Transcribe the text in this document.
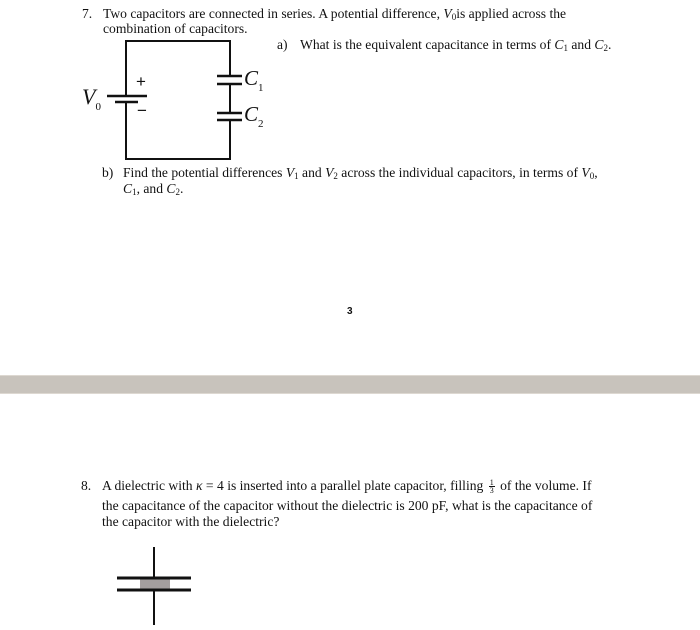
7. Two capacitors are connected in series. A potential difference, $V_0is$ applied across the
combination of capacitors.
a) What is the equivalent capacitance in terms of $C_1$ and $C_2$.
$V_0$
+
−
$C_1$
$C_2$
b) Find the potential differences $V_1$ and $V_2$ across the individual capacitors, in terms of $V_0$,
$C_1$, and $C_2$.
3
8. A dielectric with κ = 4 is inserted into a parallel plate capacitor, filling $\frac{1}{3}$ of the volume. If
the capacitance of the capacitor without the dielectric is 200 pF, what is the capacitance of
the capacitor with the dielectric?
